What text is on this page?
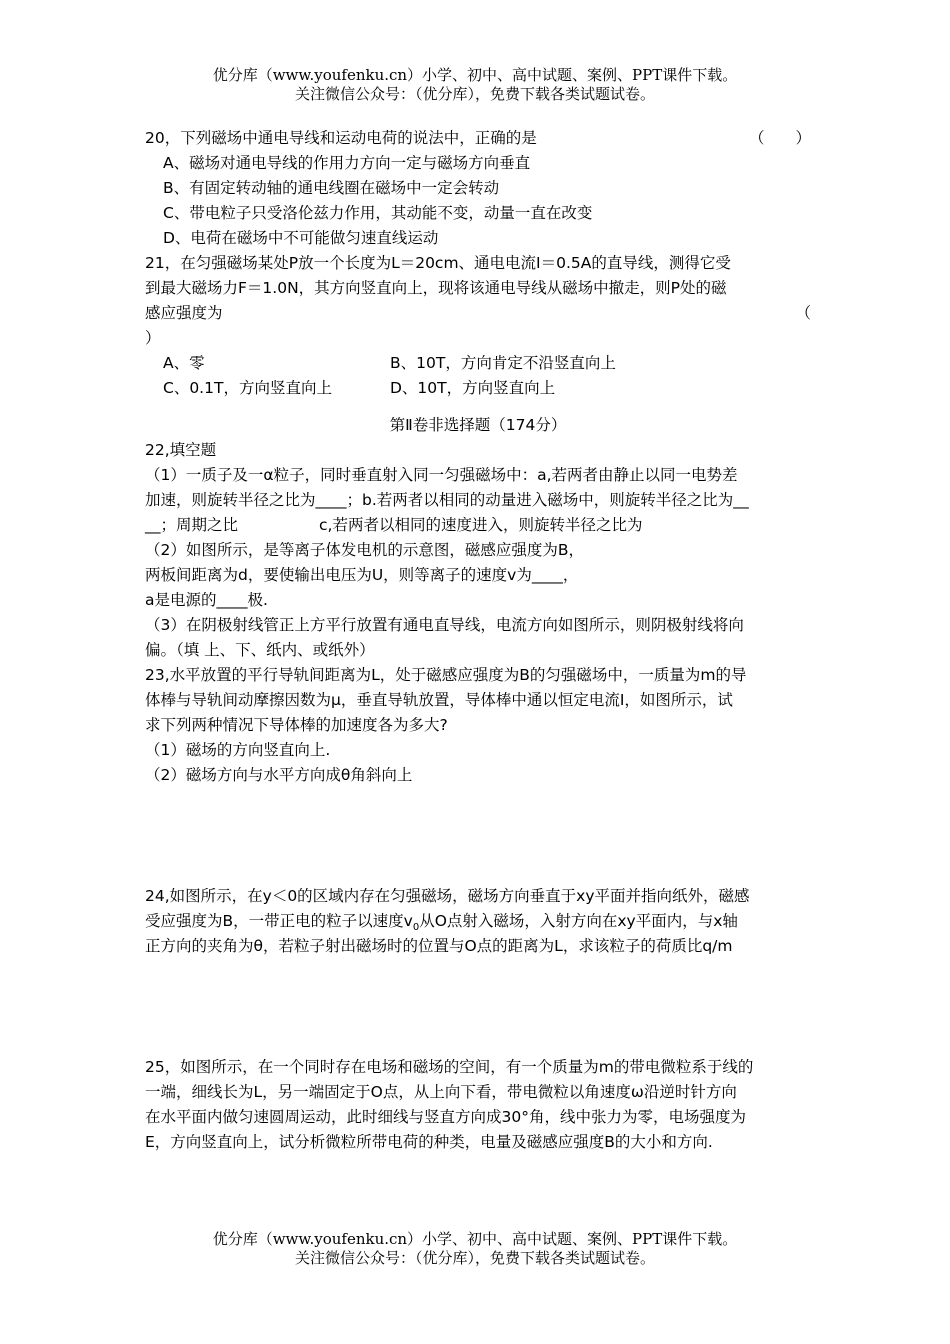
优分库（www.youfenku.cn）小学、初中、高中试题、案例、PPT课件下载。
关注微信公众号：（优分库），免费下载各类试题试卷。
20，下列磁场中通电导线和运动电荷的说法中，正确的是	（　　）
A、磁场对通电导线的作用力方向一定与磁场方向垂直
B、有固定转动轴的通电线圈在磁场中一定会转动
C、带电粒子只受洛伦兹力作用，其动能不变，动量一直在改变
D、电荷在磁场中不可能做匀速直线运动
21，在匀强磁场某处P放一个长度为L＝20cm、通电电流I＝0.5A的直导线，测得它受
到最大磁场力F＝1.0N，其方向竖直向上，现将该通电导线从磁场中撤走，则P处的磁
感应强度为	（
）
A、零	B、10T，方向肯定不沿竖直向上
C、0.1T，方向竖直向上	D、10T，方向竖直向上
第Ⅱ卷非选择题（174分）
22,填空题
（1）一质子及一α粒子，同时垂直射入同一匀强磁场中：a,若两者由静止以同一电势差
加速，则旋转半径之比为____；b.若两者以相同的动量进入磁场中，则旋转半径之比为__
__；周期之比	c,若两者以相同的速度进入，则旋转半径之比为
（2）如图所示，是等离子体发电机的示意图，磁感应强度为B，
两板间距离为d，要使输出电压为U，则等离子的速度v为____，
a是电源的____极.
（3）在阴极射线管正上方平行放置有通电直导线，电流方向如图所示，则阴极射线将向
偏。（填 上、下、纸内、或纸外）
23,水平放置的平行导轨间距离为L，处于磁感应强度为B的匀强磁场中，一质量为m的导
体棒与导轨间动摩擦因数为μ，垂直导轨放置，导体棒中通以恒定电流I，如图所示，试
求下列两种情况下导体棒的加速度各为多大?
（1）磁场的方向竖直向上.
（2）磁场方向与水平方向成θ角斜向上
24,如图所示，在y＜0的区域内存在匀强磁场，磁场方向垂直于xy平面并指向纸外，磁感
受应强度为B，一带正电的粒子以速度$v_0$从O点射入磁场，入射方向在xy平面内，与x轴
正方向的夹角为θ，若粒子射出磁场时的位置与O点的距离为L，求该粒子的荷质比q/m
25，如图所示，在一个同时存在电场和磁场的空间，有一个质量为m的带电微粒系于线的
一端，细线长为L，另一端固定于O点，从上向下看，带电微粒以角速度ω沿逆时针方向
在水平面内做匀速圆周运动，此时细线与竖直方向成30°角，线中张力为零，电场强度为
E，方向竖直向上，试分析微粒所带电荷的种类，电量及磁感应强度B的大小和方向.
优分库（www.youfenku.cn）小学、初中、高中试题、案例、PPT课件下载。
关注微信公众号：（优分库），免费下载各类试题试卷。
